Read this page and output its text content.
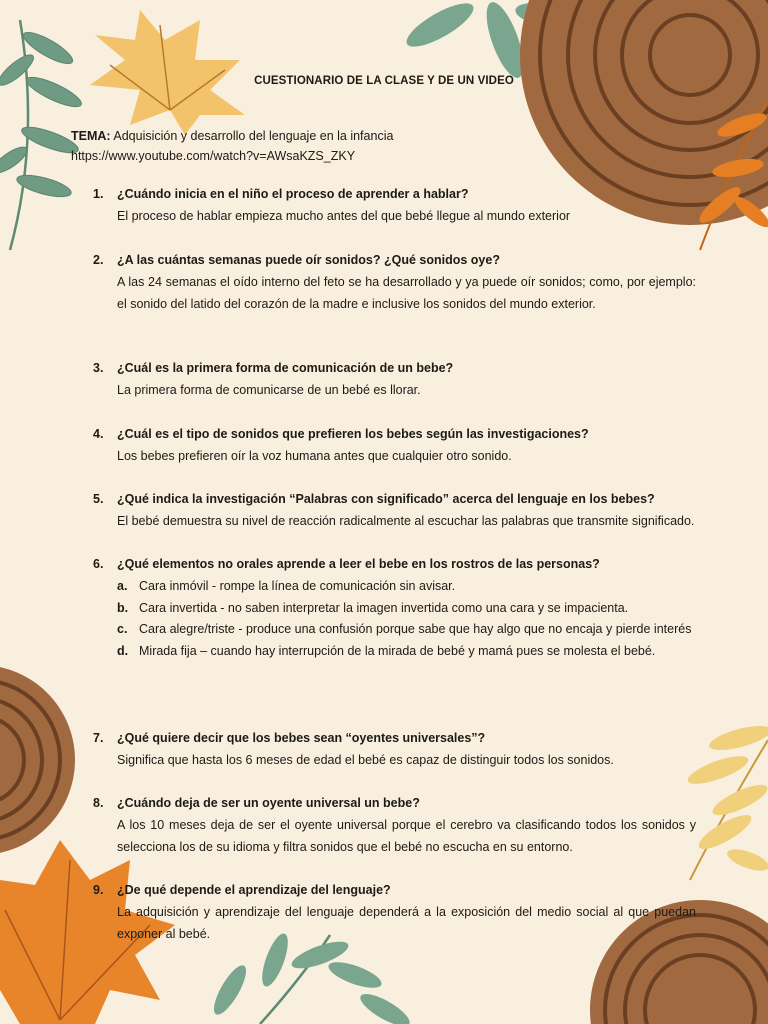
CUESTIONARIO DE LA CLASE Y DE UN VIDEO
TEMA: Adquisición y desarrollo del lenguaje en la infancia
https://www.youtube.com/watch?v=AWsaKZS_ZKY
1.	¿Cuándo inicia en el niño el proceso de aprender a hablar?
El proceso de hablar empieza mucho antes del que bebé llegue al mundo exterior
2.	¿A las cuántas semanas puede oír sonidos? ¿Qué sonidos oye?
A las 24 semanas el oído interno del feto se ha desarrollado y ya puede oír sonidos; como, por ejemplo: el sonido del latido del corazón de la madre e inclusive los sonidos del mundo exterior.
3.	¿Cuál es la primera forma de comunicación de un bebe?
La primera forma de comunicarse de un bebé es llorar.
4.	¿Cuál es el tipo de sonidos que prefieren los bebes según las investigaciones?
Los bebes prefieren oír la voz humana antes que cualquier otro sonido.
5.	¿Qué indica la investigación “Palabras con significado” acerca del lenguaje en los bebes?
El bebé demuestra su nivel de reacción radicalmente al escuchar las palabras que transmite significado.
6.	¿Qué elementos no orales aprende a leer el bebe en los rostros de las personas?
a. Cara inmóvil - rompe la línea de comunicación sin avisar.
b. Cara invertida - no saben interpretar la imagen invertida como una cara y se impacienta.
c. Cara alegre/triste - produce una confusión porque sabe que hay algo que no encaja y pierde interés
d. Mirada fija – cuando hay interrupción de la mirada de bebé y mamá pues se molesta el bebé.
7.	¿Qué quiere decir que los bebes sean “oyentes universales”?
Significa que hasta los 6 meses de edad el bebé es capaz de distinguir todos los sonidos.
8.	¿Cuándo deja de ser un oyente universal un bebe?
A los 10 meses deja de ser el oyente universal porque el cerebro va clasificando todos los sonidos y selecciona los de su idioma y filtra sonidos que el bebé no escucha en su entorno.
9.	¿De qué depende el aprendizaje del lenguaje?
La adquisición y aprendizaje del lenguaje dependerá a la exposición del medio social al que puedan exponer al bebé.
